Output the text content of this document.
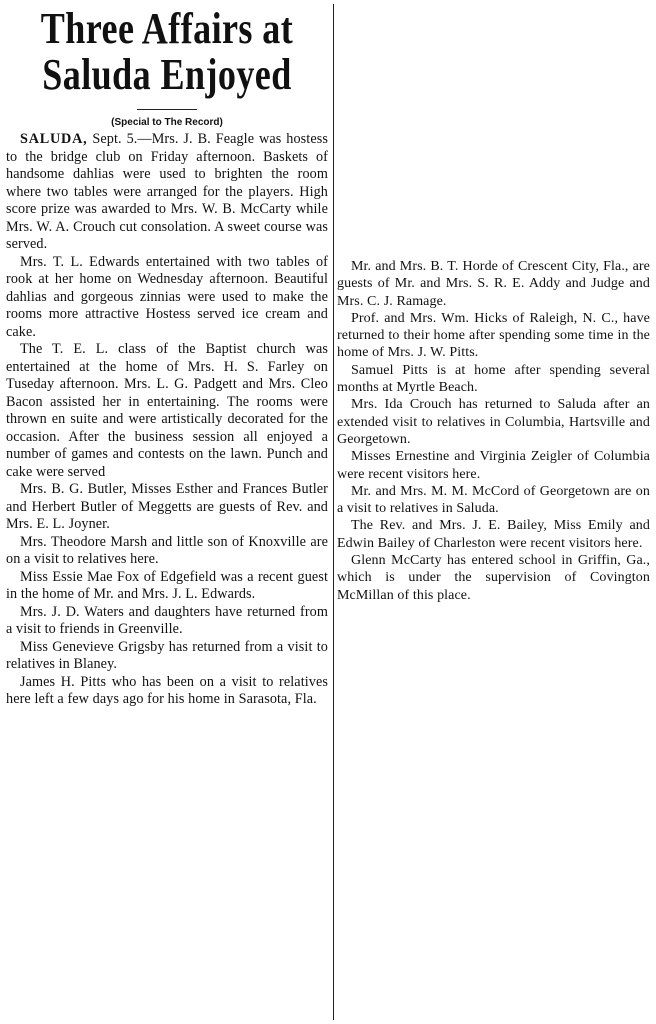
Three Affairs at
Saluda Enjoyed

(Special to The Record)

SALUDA, Sept. 5.—Mrs. J. B. Feagle was hostess to the bridge club on Friday afternoon. Baskets of handsome dahlias were used to brighten the room where two tables were arranged for the players. High score prize was awarded to Mrs. W. B. McCarty while Mrs. W. A. Crouch cut consolation. A sweet course was served.

Mrs. T. L. Edwards entertained with two tables of rook at her home on Wednesday afternoon. Beautiful dahlias and gorgeous zinnias were used to make the rooms more attractive Hostess served ice cream and cake.

The T. E. L. class of the Baptist church was entertained at the home of Mrs. H. S. Farley on Tuseday afternoon. Mrs. L. G. Padgett and Mrs. Cleo Bacon assisted her in entertaining. The rooms were thrown en suite and were artistically decorated for the occasion. After the business session all enjoyed a number of games and contests on the lawn. Punch and cake were served

Mrs. B. G. Butler, Misses Esther and Frances Butler and Herbert Butler of Meggetts are guests of Rev. and Mrs. E. L. Joyner.

Mrs. Theodore Marsh and little son of Knoxville are on a visit to relatives here.

Miss Essie Mae Fox of Edgefield was a recent guest in the home of Mr. and Mrs. J. L. Edwards.

Mrs. J. D. Waters and daughters have returned from a visit to friends in Greenville.

Miss Genevieve Grigsby has returned from a visit to relatives in Blaney.

James H. Pitts who has been on a visit to relatives here left a few days ago for his home in Sarasota, Fla.

Mr. and Mrs. B. T. Horde of Crescent City, Fla., are guests of Mr. and Mrs. S. R. E. Addy and Judge and Mrs. C. J. Ramage.

Prof. and Mrs. Wm. Hicks of Raleigh, N. C., have returned to their home after spending some time in the home of Mrs. J. W. Pitts.

Samuel Pitts is at home after spending several months at Myrtle Beach.

Mrs. Ida Crouch has returned to Saluda after an extended visit to relatives in Columbia, Hartsville and Georgetown.

Misses Ernestine and Virginia Zeigler of Columbia were recent visitors here.

Mr. and Mrs. M. M. McCord of Georgetown are on a visit to relatives in Saluda.

The Rev. and Mrs. J. E. Bailey, Miss Emily and Edwin Bailey of Charleston were recent visitors here.

Glenn McCarty has entered school in Griffin, Ga., which is under the supervision of Covington McMillan of this place.
